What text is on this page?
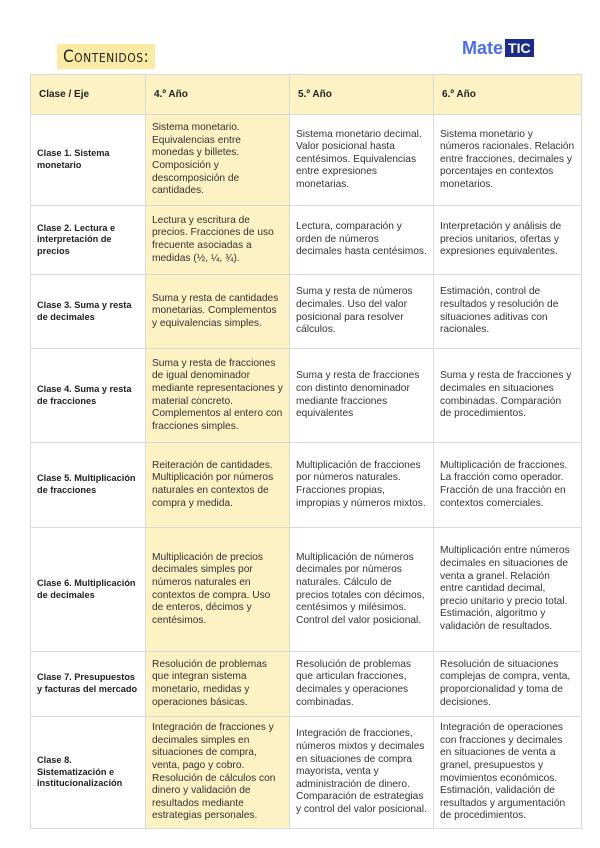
Contenidos:	Mate TIC
Clase / Eje	4.º Año	5.º Año	6.º Año
Clase 1. Sistema monetario	Sistema monetario. Equivalencias entre monedas y billetes. Composición y descomposición de cantidades.	Sistema monetario decimal. Valor posicional hasta centésimos. Equivalencias entre expresiones monetarias.	Sistema monetario y números racionales. Relación entre fracciones, decimales y porcentajes en contextos monetarios.
Clase 2. Lectura e interpretación de precios	Lectura y escritura de precios. Fracciones de uso frecuente asociadas a medidas (½, ¼, ¾).	Lectura, comparación y orden de números decimales hasta centésimos.	Interpretación y análisis de precios unitarios, ofertas y expresiones equivalentes.
Clase 3. Suma y resta de decimales	Suma y resta de cantidades monetarias. Complementos y equivalencias simples.	Suma y resta de números decimales. Uso del valor posicional para resolver cálculos.	Estimación, control de resultados y resolución de situaciones aditivas con racionales.
Clase 4. Suma y resta de fracciones	Suma y resta de fracciones de igual denominador mediante representaciones y material concreto. Complementos al entero con fracciones simples.	Suma y resta de fracciones con distinto denominador mediante fracciones equivalentes	Suma y resta de fracciones y decimales en situaciones combinadas. Comparación de procedimientos.
Clase 5. Multiplicación de fracciones	Reiteración de cantidades. Multiplicación por números naturales en contextos de compra y medida.	Multiplicación de fracciones por números naturales. Fracciones propias, impropias y números mixtos.	Multiplicación de fracciones. La fracción como operador. Fracción de una fracción en contextos comerciales.
Clase 6. Multiplicación de decimales	Multiplicación de precios decimales simples por números naturales en contextos de compra. Uso de enteros, décimos y centésimos.	Multiplicación de números decimales por números naturales. Cálculo de precios totales con décimos, centésimos y milésimos. Control del valor posicional.	Multiplicación entre números decimales en situaciones de venta a granel. Relación entre cantidad decimal, precio unitario y precio total. Estimación, algoritmo y validación de resultados.
Clase 7. Presupuestos y facturas del mercado	Resolución de problemas que integran sistema monetario, medidas y operaciones básicas.	Resolución de problemas que articulan fracciones, decimales y operaciones combinadas.	Resolución de situaciones complejas de compra, venta, proporcionalidad y toma de decisiones.
Clase 8. Sistematización e institucionalización	Integración de fracciones y decimales simples en situaciones de compra, venta, pago y cobro. Resolución de cálculos con dinero y validación de resultados mediante estrategias personales.	Integración de fracciones, números mixtos y decimales en situaciones de compra mayorista, venta y administración de dinero. Comparación de estrategias y control del valor posicional.	Integración de operaciones con fracciones y decimales en situaciones de venta a granel, presupuestos y movimientos económicos. Estimación, validación de resultados y argumentación de procedimientos.
